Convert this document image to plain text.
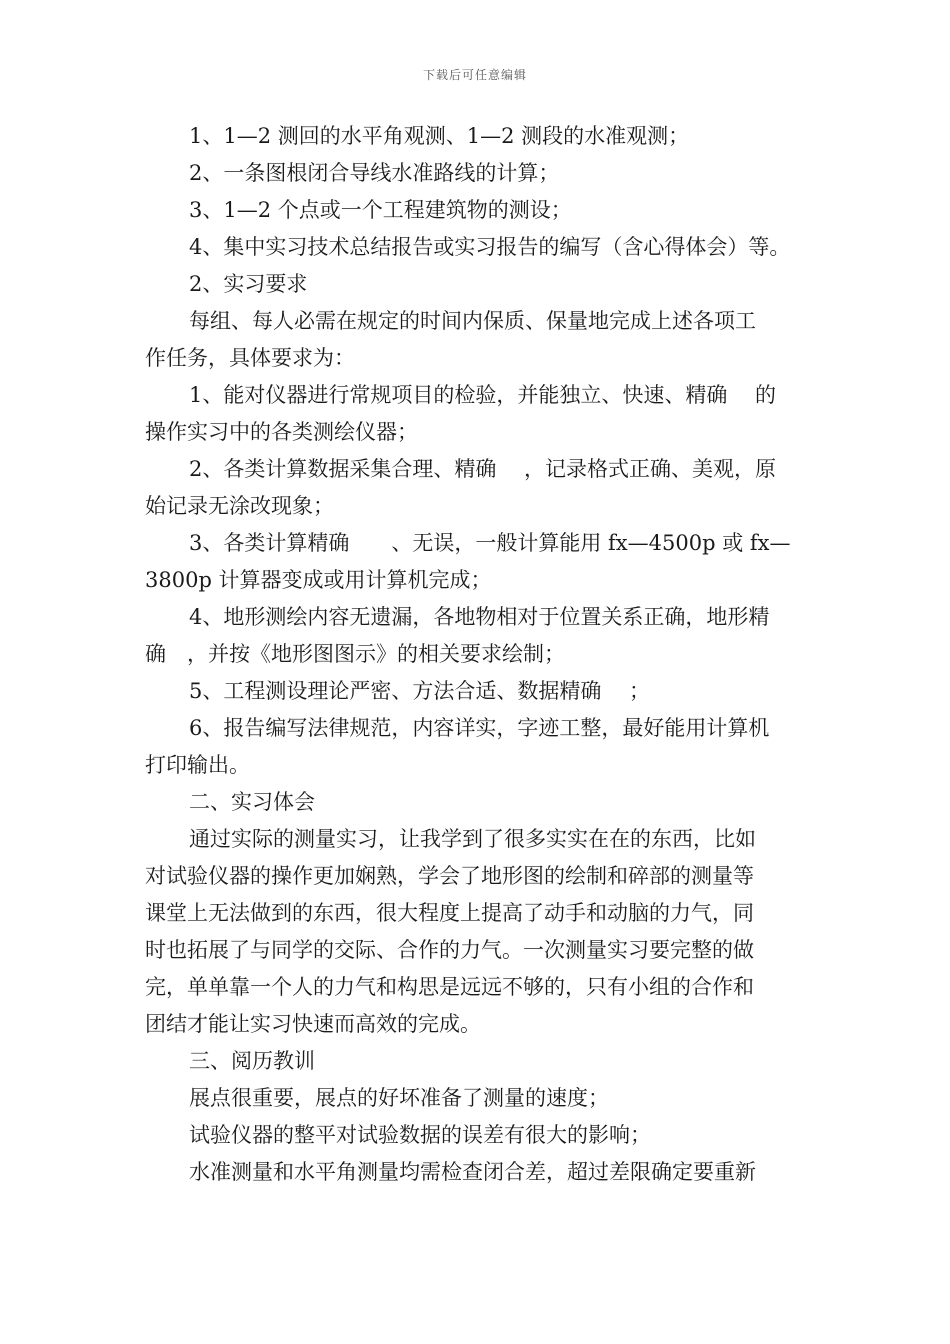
下载后可任意编辑
1、1—2 测回的水平角观测、1—2 测段的水准观测；
2、一条图根闭合导线水准路线的计算；
3、1—2 个点或一个工程建筑物的测设；
4、集中实习技术总结报告或实习报告的编写（含心得体会）等。
2、实习要求
每组、每人必需在规定的时间内保质、保量地完成上述各项工
作任务，具体要求为：
1、能对仪器进行常规项目的检验，并能独立、快速、精确　 的
操作实习中的各类测绘仪器；
2、各类计算数据采集合理、精确　 ，记录格式正确、美观，原
始记录无涂改现象；
3、各类计算精确　　、无误，一般计算能用 fx—4500p 或 fx—
3800p 计算器变成或用计算机完成；
4、地形测绘内容无遗漏，各地物相对于位置关系正确，地形精
确　，并按《地形图图示》的相关要求绘制；
5、工程测设理论严密、方法合适、数据精确　 ；
6、报告编写法律规范，内容详实，字迹工整，最好能用计算机
打印输出。
二、实习体会
通过实际的测量实习，让我学到了很多实实在在的东西，比如
对试验仪器的操作更加娴熟，学会了地形图的绘制和碎部的测量等
课堂上无法做到的东西，很大程度上提高了动手和动脑的力气，同
时也拓展了与同学的交际、合作的力气。一次测量实习要完整的做
完，单单靠一个人的力气和构思是远远不够的，只有小组的合作和
团结才能让实习快速而高效的完成。
三、阅历教训
展点很重要，展点的好坏准备了测量的速度；
试验仪器的整平对试验数据的误差有很大的影响；
水准测量和水平角测量均需检查闭合差，超过差限确定要重新
